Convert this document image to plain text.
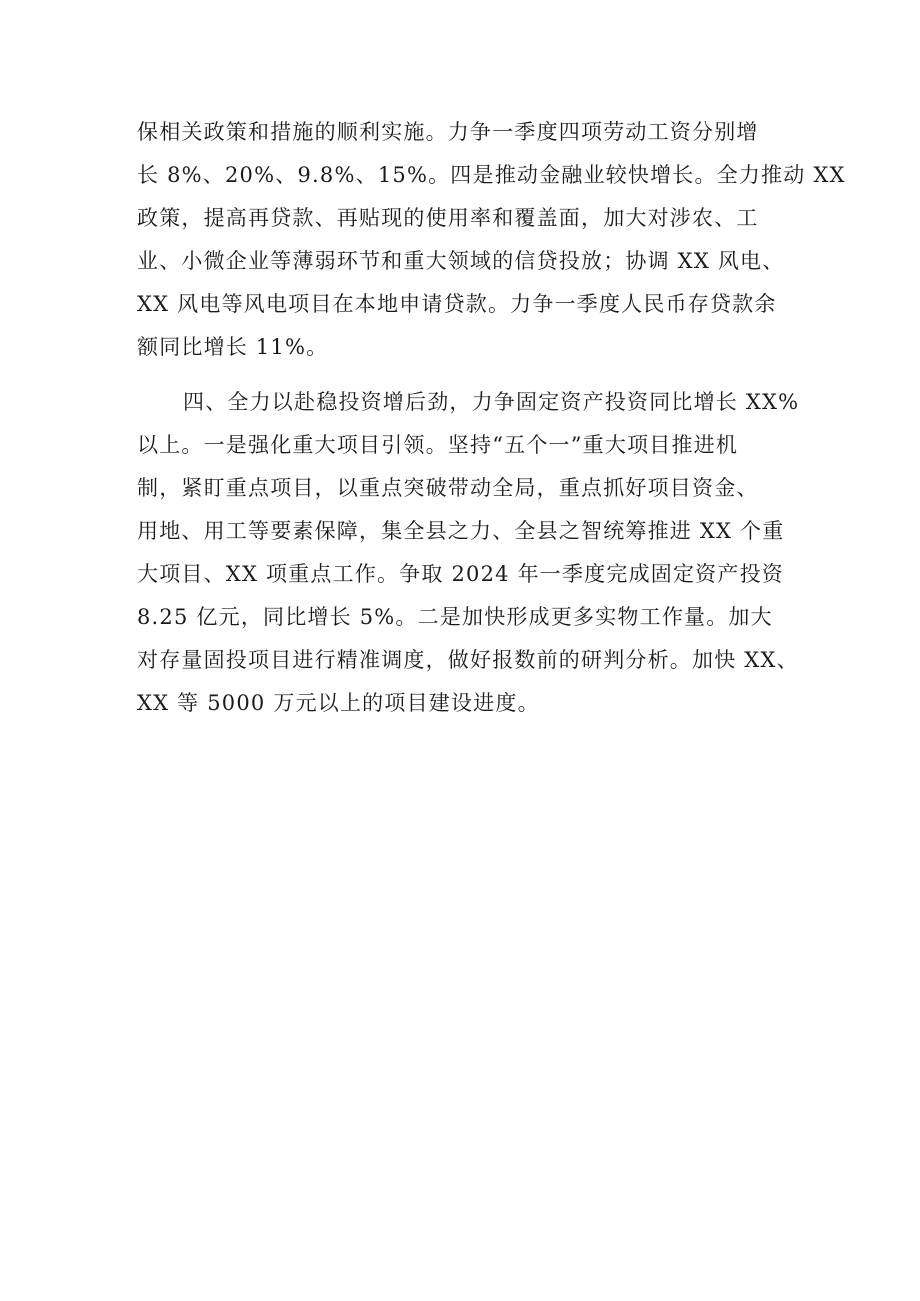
保相关政策和措施的顺利实施。力争一季度四项劳动工资分别增
长 8%、20%、9.8%、15%。四是推动金融业较快增长。全力推动 XX
政策，提高再贷款、再贴现的使用率和覆盖面，加大对涉农、工
业、小微企业等薄弱环节和重大领域的信贷投放；协调 XX 风电、
XX 风电等风电项目在本地申请贷款。力争一季度人民币存贷款余
额同比增长 11%。
四、全力以赴稳投资增后劲，力争固定资产投资同比增长 XX%
以上。一是强化重大项目引领。坚持“五个一”重大项目推进机
制，紧盯重点项目，以重点突破带动全局，重点抓好项目资金、
用地、用工等要素保障，集全县之力、全县之智统筹推进 XX 个重
大项目、XX 项重点工作。争取 2024 年一季度完成固定资产投资
8.25 亿元，同比增长 5%。二是加快形成更多实物工作量。加大
对存量固投项目进行精准调度，做好报数前的研判分析。加快 XX、
XX 等 5000 万元以上的项目建设进度。
